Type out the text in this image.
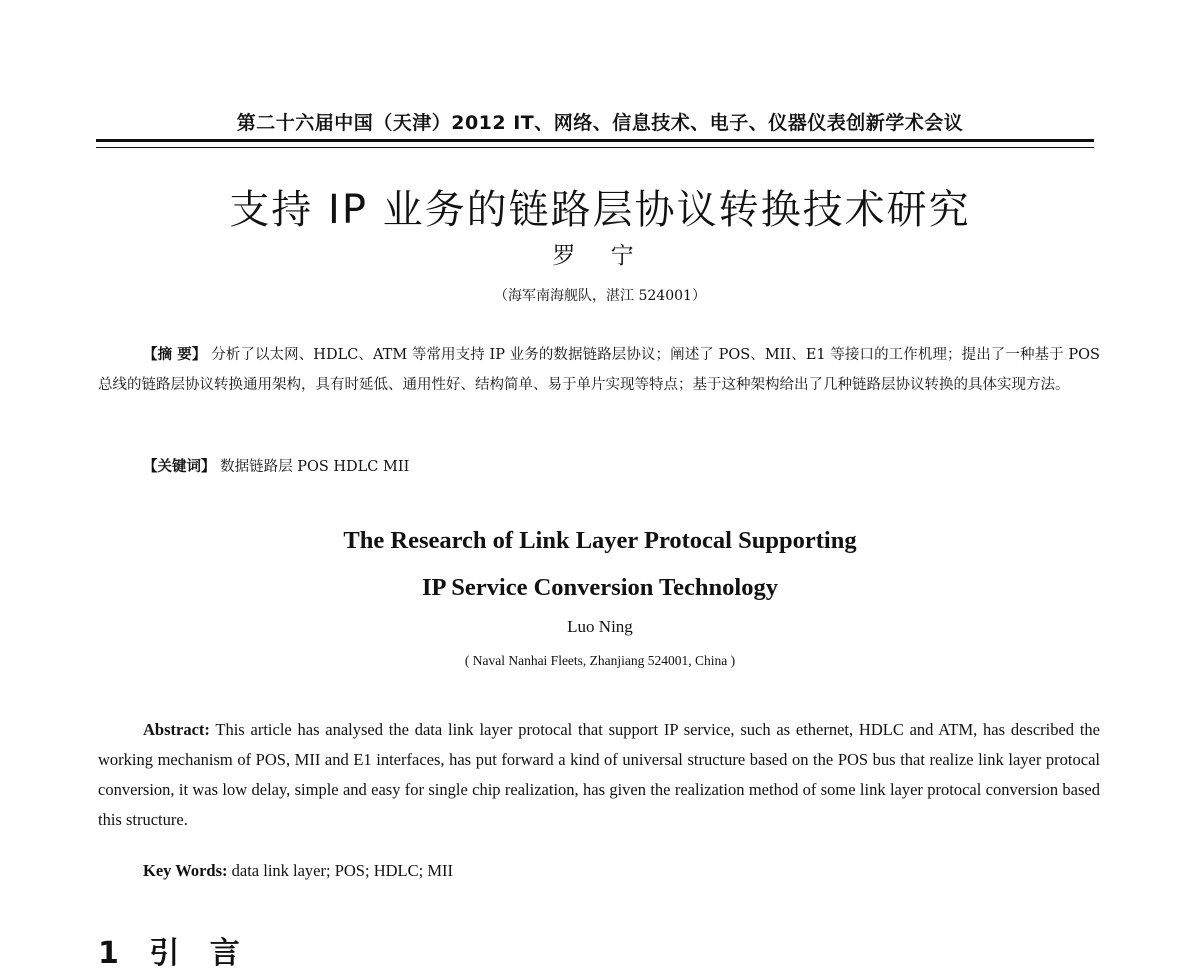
第二十六届中国（天津）2012 IT、网络、信息技术、电子、仪器仪表创新学术会议
支持 IP 业务的链路层协议转换技术研究
罗 宁
（海军南海舰队，湛江 524001）
【摘 要】 分析了以太网、HDLC、ATM 等常用支持 IP 业务的数据链路层协议；阐述了 POS、MII、E1 等接口的工作机理；提出了一种基于 POS 总线的链路层协议转换通用架构，具有时延低、通用性好、结构简单、易于单片实现等特点；基于这种架构给出了几种链路层协议转换的具体实现方法。
【关键词】 数据链路层 POS HDLC MII
The Research of Link Layer Protocal Supporting
IP Service Conversion Technology
Luo Ning
( Naval Nanhai Fleets, Zhanjiang 524001, China )
Abstract: This article has analysed the data link layer protocal that support IP service, such as ethernet, HDLC and ATM, has described the working mechanism of POS, MII and E1 interfaces, has put forward a kind of universal structure based on the POS bus that realize link layer protocal conversion, it was low delay, simple and easy for single chip realization, has given the realization method of some link layer protocal conversion based this structure.
Key Words: data link layer; POS; HDLC; MII
1 引 言
